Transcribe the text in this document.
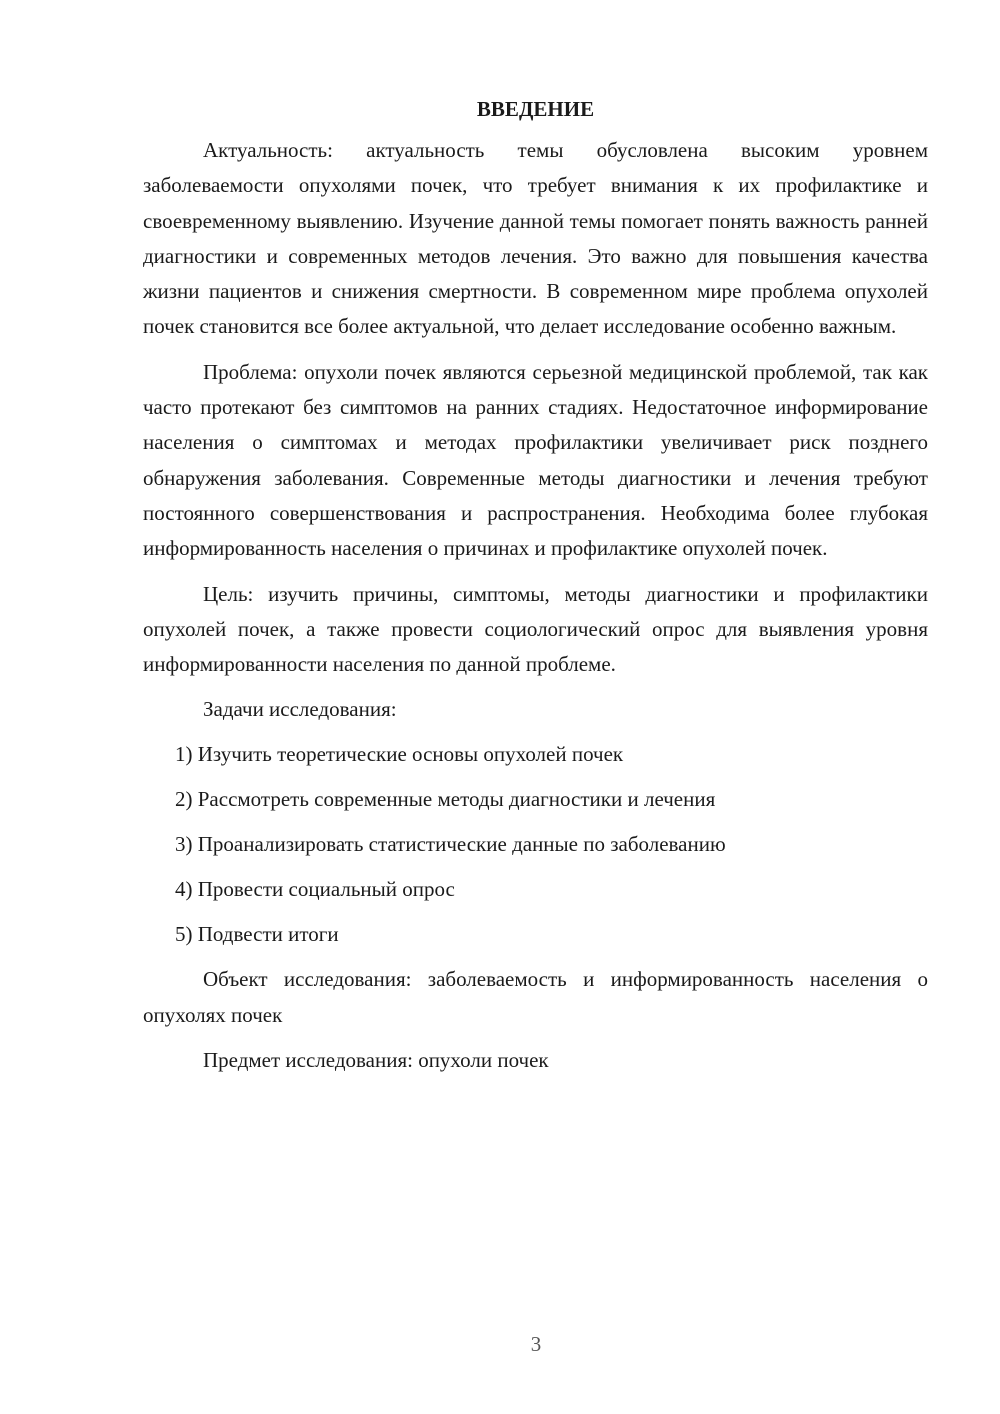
ВВЕДЕНИЕ

Актуальность: актуальность темы обусловлена высоким уровнем заболеваемости опухолями почек, что требует внимания к их профилактике и своевременному выявлению. Изучение данной темы помогает понять важность ранней диагностики и современных методов лечения. Это важно для повышения качества жизни пациентов и снижения смертности. В современном мире проблема опухолей почек становится все более актуальной, что делает исследование особенно важным.

Проблема: опухоли почек являются серьезной медицинской проблемой, так как часто протекают без симптомов на ранних стадиях. Недостаточное информирование населения о симптомах и методах профилактики увеличивает риск позднего обнаружения заболевания. Современные методы диагностики и лечения требуют постоянного совершенствования и распространения. Необходима более глубокая информированность населения о причинах и профилактике опухолей почек.

Цель: изучить причины, симптомы, методы диагностики и профилактики опухолей почек, а также провести социологический опрос для выявления уровня информированности населения по данной проблеме.

Задачи исследования:

1) Изучить теоретические основы опухолей почек
2) Рассмотреть современные методы диагностики и лечения
3) Проанализировать статистические данные по заболеванию
4) Провести социальный опрос
5) Подвести итоги

Объект исследования: заболеваемость и информированность населения о опухолях почек

Предмет исследования: опухоли почек

3
